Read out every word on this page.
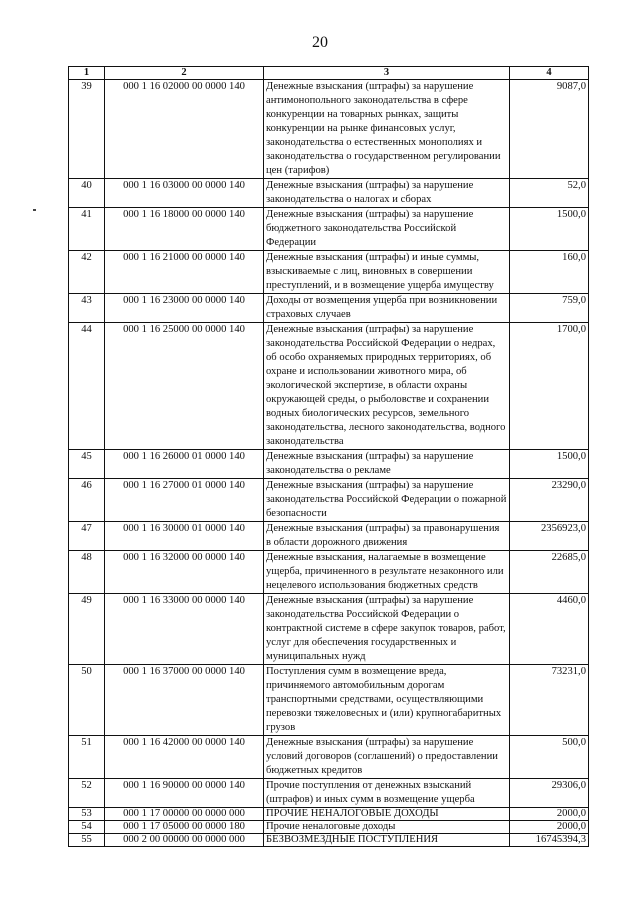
20
1	2	3	4
39	000 1 16 02000 00 0000 140	Денежные взыскания (штрафы) за нарушение антимонопольного законодательства в сфере конкуренции на товарных рынках, защиты конкуренции на рынке финансовых услуг, законодательства о естественных монополиях и законодательства о государственном регулировании цен (тарифов)	9087,0
40	000 1 16 03000 00 0000 140	Денежные взыскания (штрафы) за нарушение законодательства о налогах и сборах	52,0
41	000 1 16 18000 00 0000 140	Денежные взыскания (штрафы) за нарушение бюджетного законодательства Российской Федерации	1500,0
42	000 1 16 21000 00 0000 140	Денежные взыскания (штрафы) и иные суммы, взыскиваемые с лиц, виновных в совершении преступлений, и в возмещение ущерба имуществу	160,0
43	000 1 16 23000 00 0000 140	Доходы от возмещения ущерба при возникновении страховых случаев	759,0
44	000 1 16 25000 00 0000 140	Денежные взыскания (штрафы) за нарушение законодательства Российской Федерации о недрах, об особо охраняемых природных территориях, об охране и использовании животного мира, об экологической экспертизе, в области охраны окружающей среды, о рыболовстве и сохранении водных биологических ресурсов, земельного законодательства, лесного законодательства, водного законодательства	1700,0
45	000 1 16 26000 01 0000 140	Денежные взыскания (штрафы) за нарушение законодательства о рекламе	1500,0
46	000 1 16 27000 01 0000 140	Денежные взыскания (штрафы) за нарушение законодательства Российской Федерации о пожарной безопасности	23290,0
47	000 1 16 30000 01 0000 140	Денежные взыскания (штрафы) за правонарушения в области дорожного движения	2356923,0
48	000 1 16 32000 00 0000 140	Денежные взыскания, налагаемые в возмещение ущерба, причиненного в результате незаконного или нецелевого использования бюджетных средств	22685,0
49	000 1 16 33000 00 0000 140	Денежные взыскания (штрафы) за нарушение законодательства Российской Федерации о контрактной системе в сфере закупок товаров, работ, услуг для обеспечения государственных и муниципальных нужд	4460,0
50	000 1 16 37000 00 0000 140	Поступления сумм в возмещение вреда, причиняемого автомобильным дорогам транспортными средствами, осуществляющими перевозки тяжеловесных и (или) крупногабаритных грузов	73231,0
51	000 1 16 42000 00 0000 140	Денежные взыскания (штрафы) за нарушение условий договоров (соглашений) о предоставлении бюджетных кредитов	500,0
52	000 1 16 90000 00 0000 140	Прочие поступления от денежных взысканий (штрафов) и иных сумм в возмещение ущерба	29306,0
53	000 1 17 00000 00 0000 000	ПРОЧИЕ НЕНАЛОГОВЫЕ ДОХОДЫ	2000,0
54	000 1 17 05000 00 0000 180	Прочие неналоговые доходы	2000,0
55	000 2 00 00000 00 0000 000	БЕЗВОЗМЕЗДНЫЕ ПОСТУПЛЕНИЯ	16745394,3
